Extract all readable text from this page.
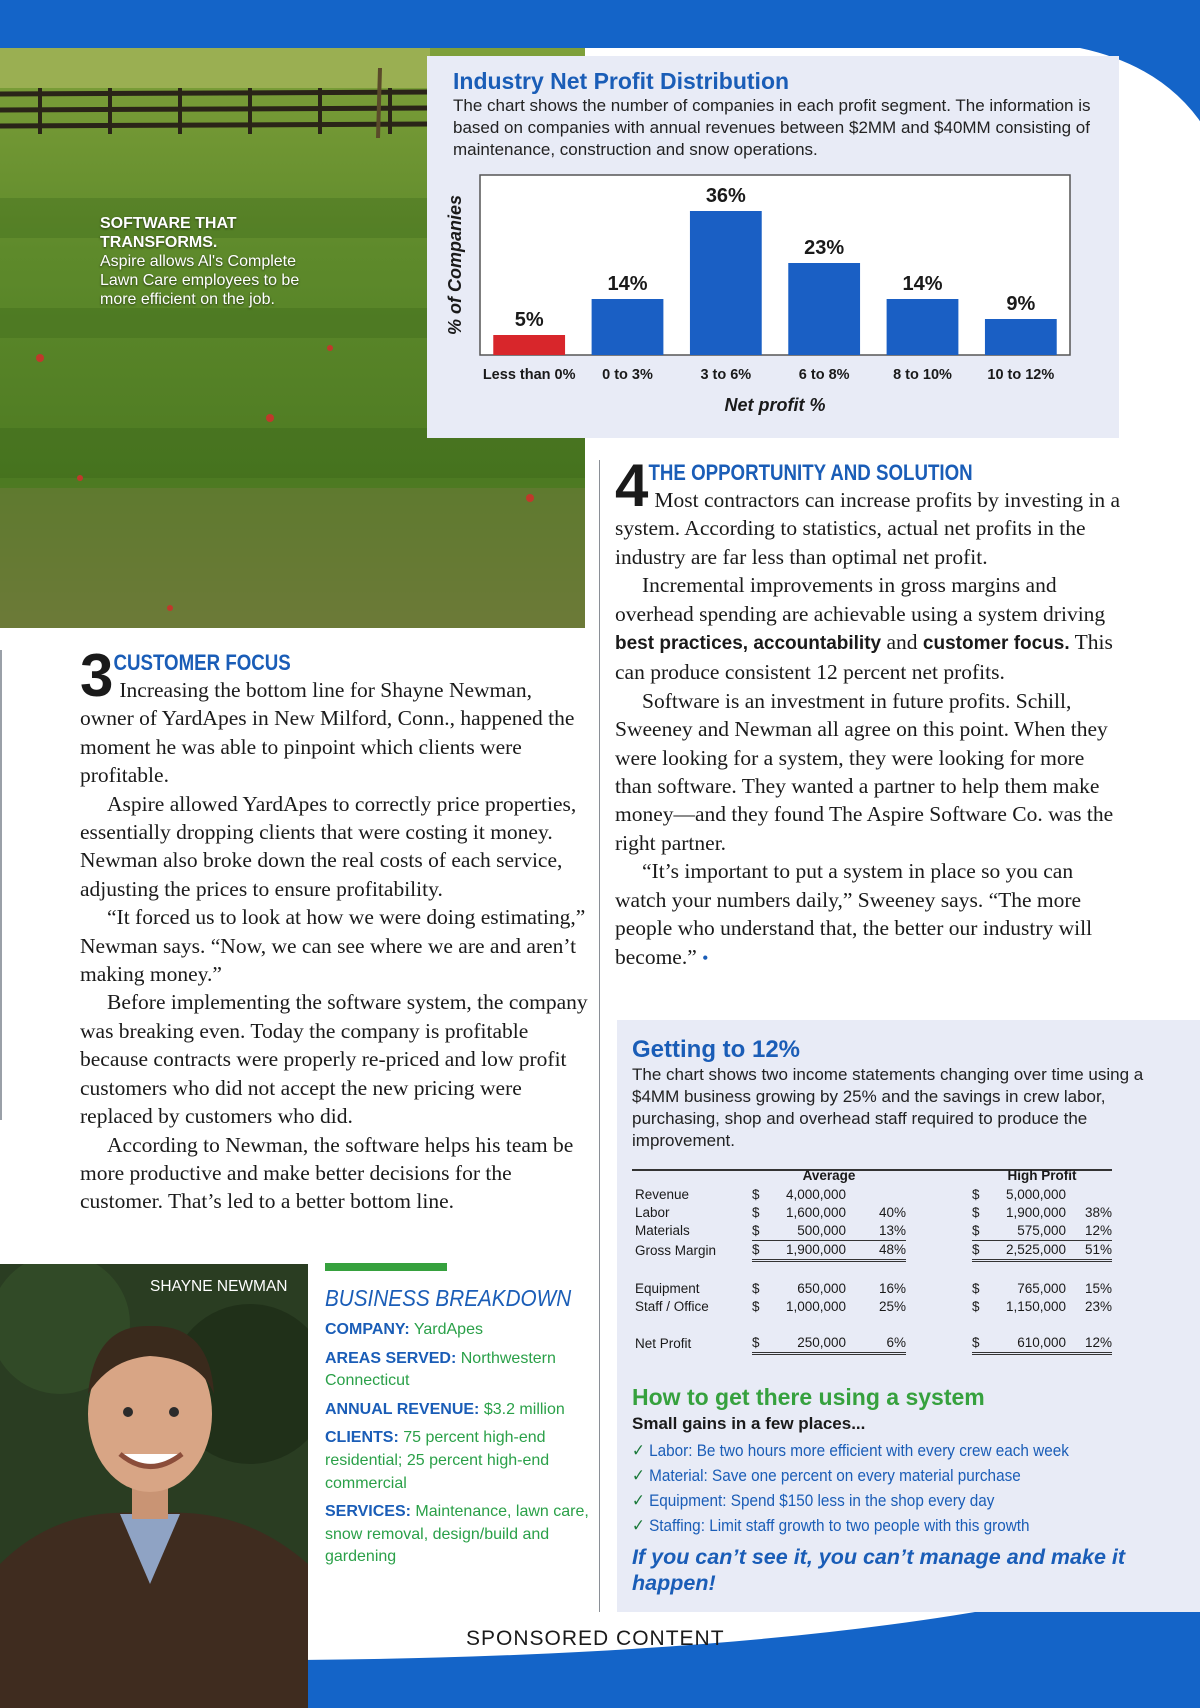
SOFTWARE THAT TRANSFORMS.
Aspire allows Al's Complete Lawn Care employees to be more efficient on the job.
Industry Net Profit Distribution
The chart shows the number of companies in each profit segment. The information is based on companies with annual revenues between $2MM and $40MM consisting of maintenance, construction and snow operations.
5%
Less than 0%
14%
0 to 3%
36%
3 to 6%
23%
6 to 8%
14%
8 to 10%
9%
10 to 12%
Net profit %
% of Companies

3 CUSTOMER FOCUS
Increasing the bottom line for Shayne Newman, owner of YardApes in New Milford, Conn., happened the moment he was able to pinpoint which clients were profitable.

Aspire allowed YardApes to correctly price properties, essentially dropping clients that were costing it money. Newman also broke down the real costs of each service, adjusting the prices to ensure profitability.

“It forced us to look at how we were doing estimating,” Newman says. “Now, we can see where we are and aren’t making money.”

Before implementing the software system, the company was breaking even. Today the company is profitable because contracts were properly re-priced and low profit customers who did not accept the new pricing were replaced by customers who did.

According to Newman, the software helps his team be more productive and make better decisions for the customer. That’s led to a better bottom line.

4 THE OPPORTUNITY AND SOLUTION
Most contractors can increase profits by investing in a system. According to statistics, actual net profits in the industry are far less than optimal net profit.

Incremental improvements in gross margins and overhead spending are achievable using a system driving best practices, accountability and customer focus. This can produce consistent 12 percent net profits.

Software is an investment in future profits. Schill, Sweeney and Newman all agree on this point. When they were looking for a system, they were looking for more than software. They wanted a partner to help them make money—and they found The Aspire Software Co. was the right partner.

“It’s important to put a system in place so you can watch your numbers daily,” Sweeney says. “The more people who understand that, the better our industry will become.” •

SHAYNE NEWMAN BUSINESS BREAKDOWN
COMPANY: YardApes
AREAS SERVED: Northwestern Connecticut
ANNUAL REVENUE: $3.2 million
CLIENTS: 75 percent high-end residential; 25 percent high-end commercial
SERVICES: Maintenance, lawn care, snow removal, design/build and gardening
Getting to 12%
The chart shows two income statements changing over time using a $4MM business growing by 25% and the savings in crew labor, purchasing, shop and overhead staff required to produce the improvement.
	Average				High Profit		
Revenue	$	4,000,000			$	5,000,000	
Labor	$	1,600,000	40%		$	1,900,000	38%
Materials	$	500,000	13%		$	575,000	12%
Gross Margin	$	1,900,000	48%		$	2,525,000	51%

Equipment	$	650,000	16%		$	765,000	15%
Staff / Office	$	1,000,000	25%		$	1,150,000	23%

Net Profit	$	250,000	6%		$	610,000	12%
How to get there using a system
Small gains in a few places...
✓ Labor: Be two hours more efficient with every crew each week
✓ Material: Save one percent on every material purchase
✓ Equipment: Spend $150 less in the shop every day
✓ Staffing: Limit staff growth to two people with this growth
If you can’t see it, you can’t manage and make it happen!
SPONSORED CONTENT
